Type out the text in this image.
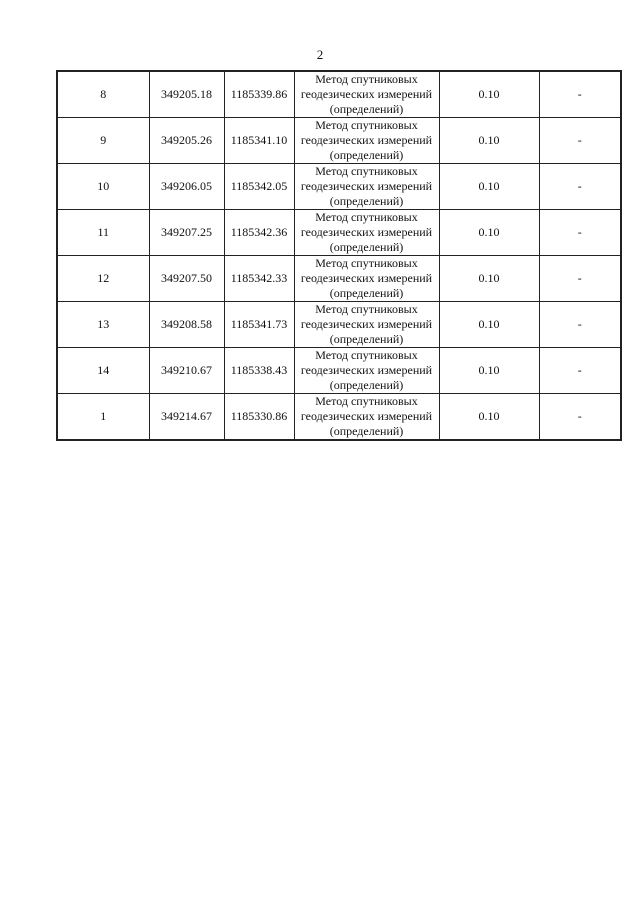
2
8	349205.18	1185339.86	Метод спутниковых
геодезических измерений
(определений)	0.10	-
9	349205.26	1185341.10	Метод спутниковых
геодезических измерений
(определений)	0.10	-
10	349206.05	1185342.05	Метод спутниковых
геодезических измерений
(определений)	0.10	-
11	349207.25	1185342.36	Метод спутниковых
геодезических измерений
(определений)	0.10	-
12	349207.50	1185342.33	Метод спутниковых
геодезических измерений
(определений)	0.10	-
13	349208.58	1185341.73	Метод спутниковых
геодезических измерений
(определений)	0.10	-
14	349210.67	1185338.43	Метод спутниковых
геодезических измерений
(определений)	0.10	-
1	349214.67	1185330.86	Метод спутниковых
геодезических измерений
(определений)	0.10	-
